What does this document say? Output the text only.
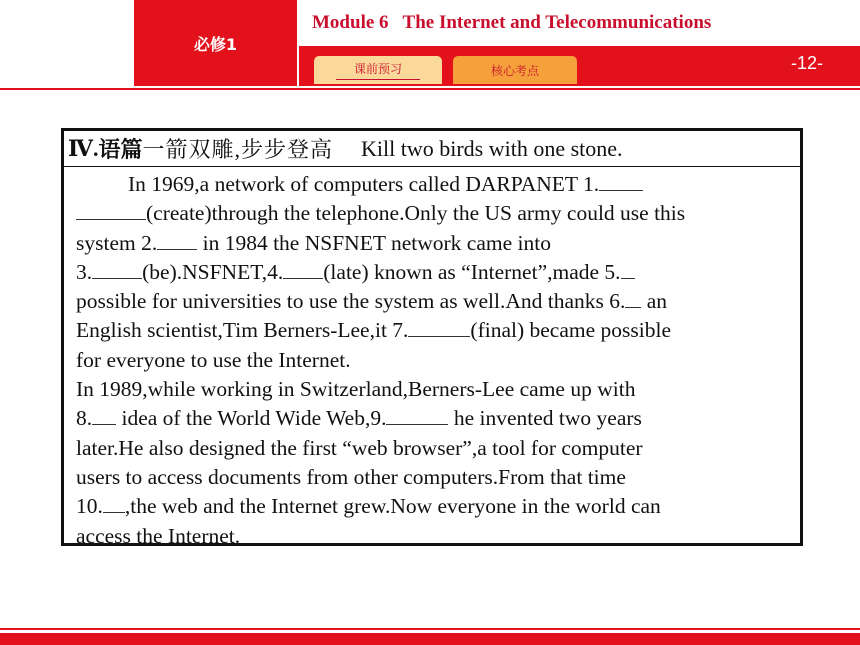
必修1
Module 6 The Internet and Telecommunications
课前预习	核心考点	-12-
Ⅳ. 语篇 一箭双雕,步步登高 Kill two birds with one stone.
In 1969,a network of computers called DARPANET 1.
(create)through the telephone.Only the US army could use this
system 2. in 1984 the NSFNET network came into
3. (be).NSFNET,4. (late) known as “Internet”,made 5.
possible for universities to use the system as well.And thanks 6. an
English scientist,Tim Berners-Lee,it 7.	(final) became possible
for everyone to use the Internet.
In 1989,while working in Switzerland,Berners-Lee came up with
8. idea of the World Wide Web,9.	he invented two years
later.He also designed the first “web browser”,a tool for computer
users to access documents from other computers.From that time
10. ,the web and the Internet grew.Now everyone in the world can
access the Internet.
